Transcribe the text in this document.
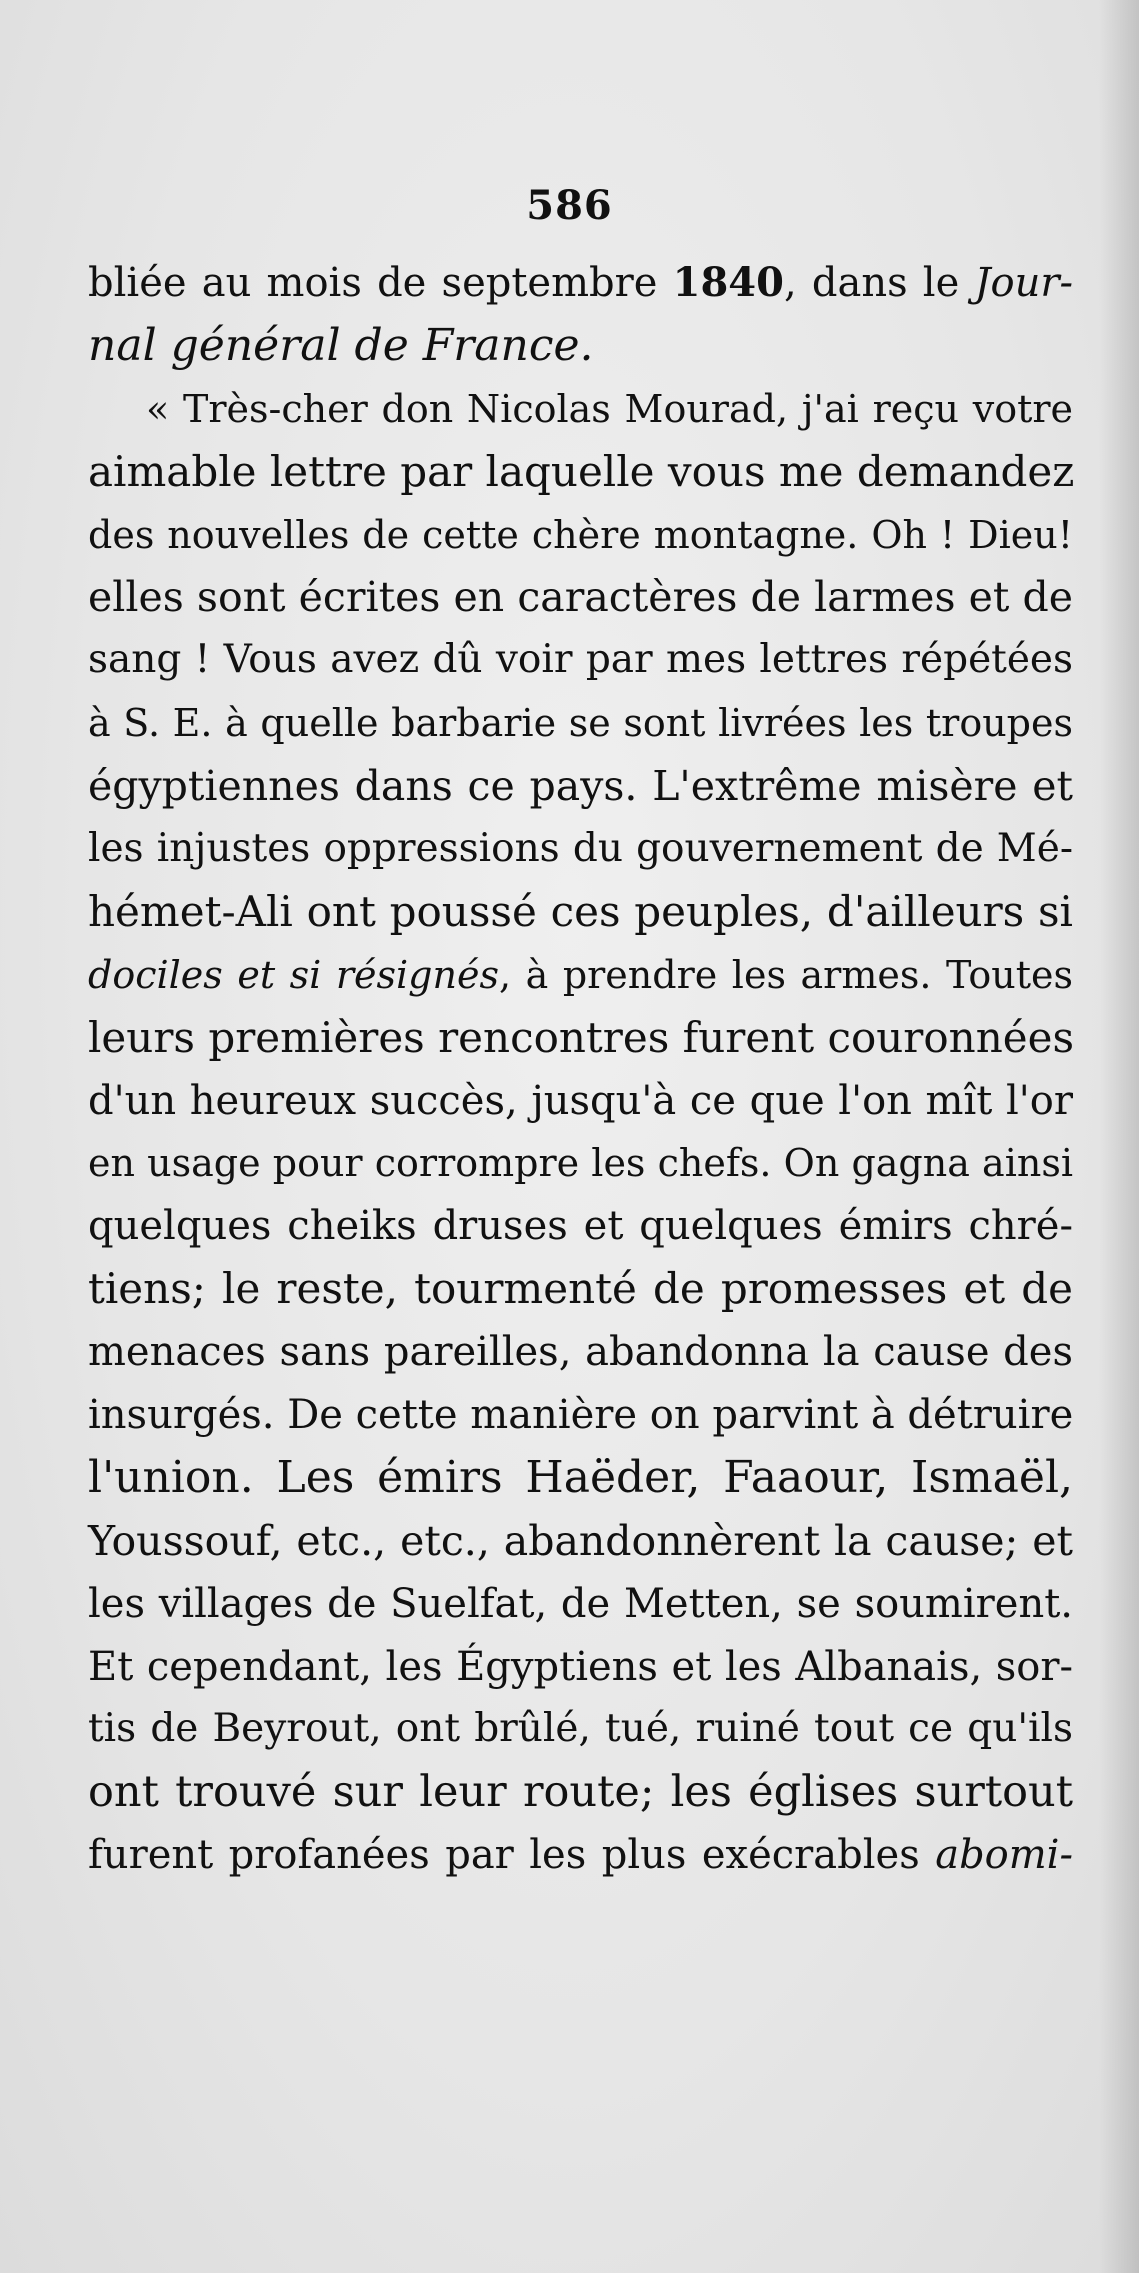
586
bliée au mois de septembre 1840, dans le Jour-
nal général de France.
« Très-cher don Nicolas Mourad, j'ai reçu votre
aimable lettre par laquelle vous me demandez
des nouvelles de cette chère montagne. Oh ! Dieu!
elles sont écrites en caractères de larmes et de
sang ! Vous avez dû voir par mes lettres répétées
à S. E. à quelle barbarie se sont livrées les troupes
égyptiennes dans ce pays. L'extrême misère et
les injustes oppressions du gouvernement de Mé-
hémet-Ali ont poussé ces peuples, d'ailleurs si
dociles et si résignés, à prendre les armes. Toutes
leurs premières rencontres furent couronnées
d'un heureux succès, jusqu'à ce que l'on mît l'or
en usage pour corrompre les chefs. On gagna ainsi
quelques cheiks druses et quelques émirs chré-
tiens; le reste, tourmenté de promesses et de
menaces sans pareilles, abandonna la cause des
insurgés. De cette manière on parvint à détruire
l'union. Les émirs Haëder, Faaour, Ismaël,
Youssouf, etc., etc., abandonnèrent la cause; et
les villages de Suelfat, de Metten, se soumirent.
Et cependant, les Égyptiens et les Albanais, sor-
tis de Beyrout, ont brûlé, tué, ruiné tout ce qu'ils
ont trouvé sur leur route; les églises surtout
furent profanées par les plus exécrables abomi-
